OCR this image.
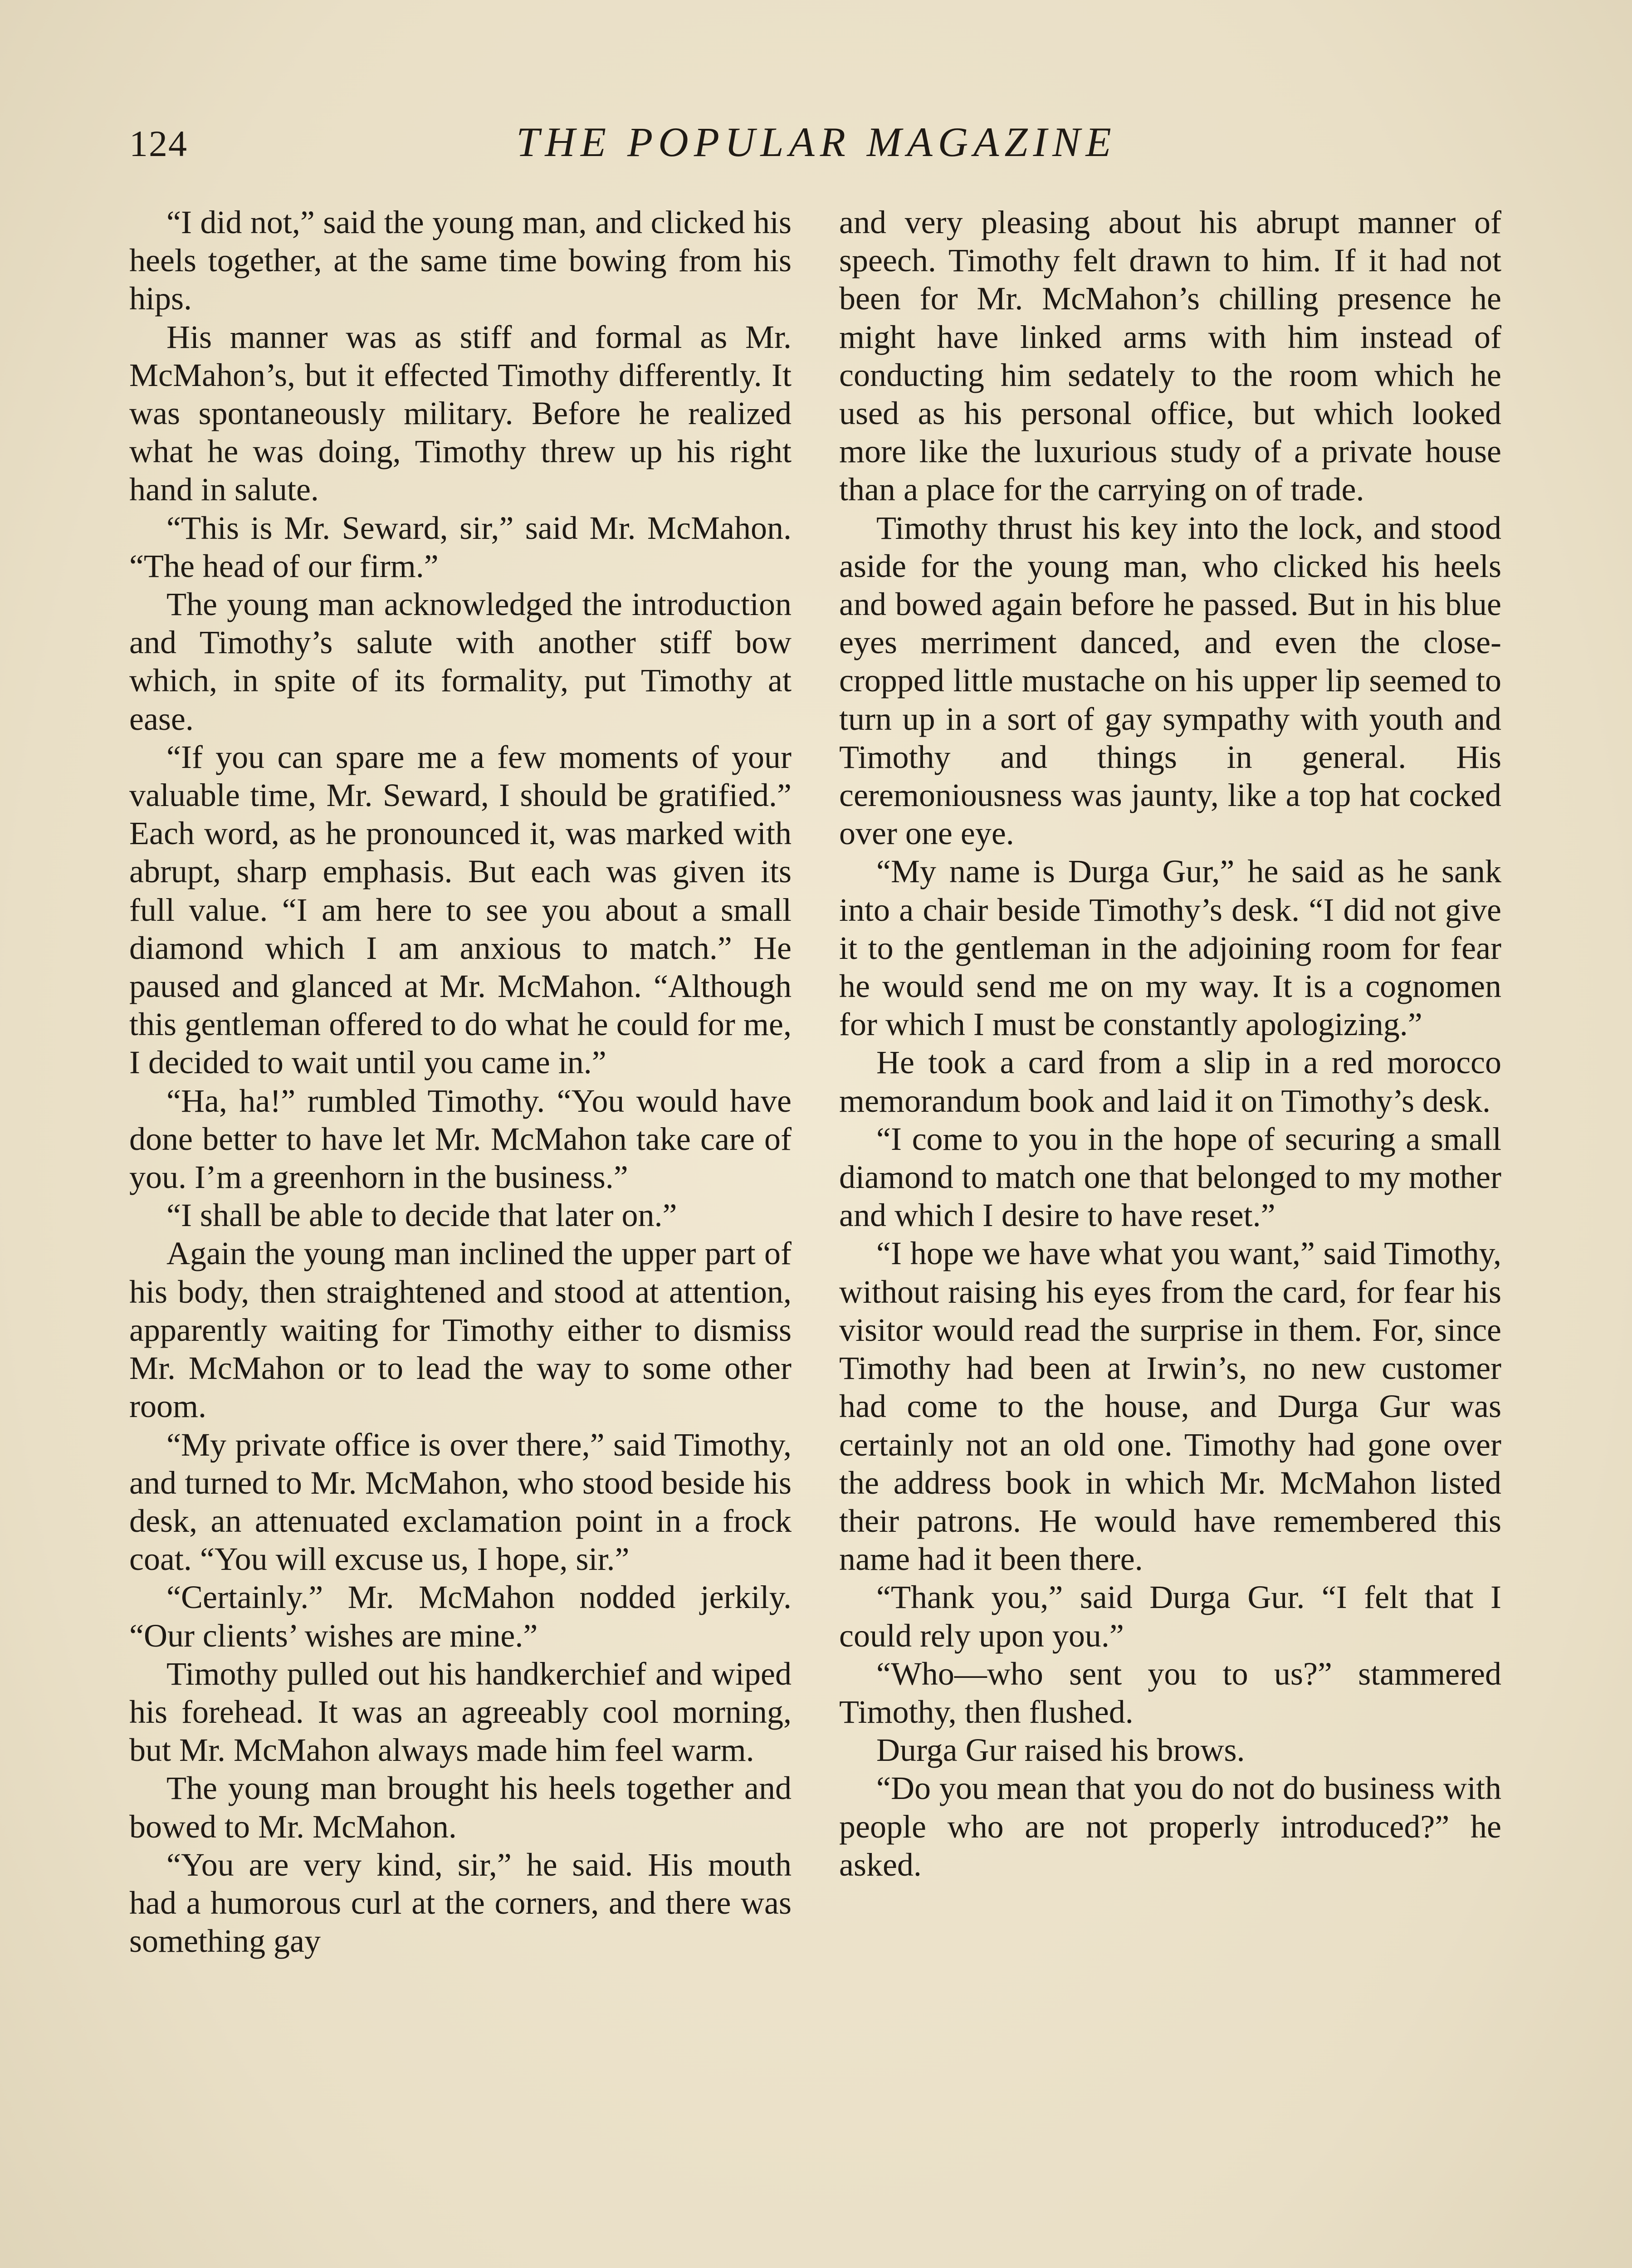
124	THE POPULAR MAGAZINE

“I did not,” said the young man, and clicked his heels together, at the same time bowing from his hips.

His manner was as stiff and formal as Mr. McMahon’s, but it effected Timothy differently. It was spontaneously military. Before he realized what he was doing, Timothy threw up his right hand in salute.

“This is Mr. Seward, sir,” said Mr. McMahon. “The head of our firm.”

The young man acknowledged the introduction and Timothy’s salute with another stiff bow which, in spite of its formality, put Timothy at ease.

“If you can spare me a few moments of your valuable time, Mr. Seward, I should be gratified.” Each word, as he pronounced it, was marked with abrupt, sharp emphasis. But each was given its full value. “I am here to see you about a small diamond which I am anxious to match.” He paused and glanced at Mr. McMahon. “Although this gentleman offered to do what he could for me, I decided to wait until you came in.”

“Ha, ha!” rumbled Timothy. “You would have done better to have let Mr. McMahon take care of you. I’m a greenhorn in the business.”

“I shall be able to decide that later on.”

Again the young man inclined the upper part of his body, then straightened and stood at attention, apparently waiting for Timothy either to dismiss Mr. McMahon or to lead the way to some other room.

“My private office is over there,” said Timothy, and turned to Mr. McMahon, who stood beside his desk, an attenuated exclamation point in a frock coat. “You will excuse us, I hope, sir.”

“Certainly.” Mr. McMahon nodded jerkily. “Our clients’ wishes are mine.”

Timothy pulled out his handkerchief and wiped his forehead. It was an agreeably cool morning, but Mr. McMahon always made him feel warm.

The young man brought his heels together and bowed to Mr. McMahon.

“You are very kind, sir,” he said. His mouth had a humorous curl at the corners, and there was something gay

and very pleasing about his abrupt manner of speech. Timothy felt drawn to him. If it had not been for Mr. McMahon’s chilling presence he might have linked arms with him instead of conducting him sedately to the room which he used as his personal office, but which looked more like the luxurious study of a private house than a place for the carrying on of trade.

Timothy thrust his key into the lock, and stood aside for the young man, who clicked his heels and bowed again before he passed. But in his blue eyes merriment danced, and even the close-cropped little mustache on his upper lip seemed to turn up in a sort of gay sympathy with youth and Timothy and things in general. His ceremoniousness was jaunty, like a top hat cocked over one eye.

“My name is Durga Gur,” he said as he sank into a chair beside Timothy’s desk. “I did not give it to the gentleman in the adjoining room for fear he would send me on my way. It is a cognomen for which I must be constantly apologizing.”

He took a card from a slip in a red morocco memorandum book and laid it on Timothy’s desk.

“I come to you in the hope of securing a small diamond to match one that belonged to my mother and which I desire to have reset.”

“I hope we have what you want,” said Timothy, without raising his eyes from the card, for fear his visitor would read the surprise in them. For, since Timothy had been at Irwin’s, no new customer had come to the house, and Durga Gur was certainly not an old one. Timothy had gone over the address book in which Mr. McMahon listed their patrons. He would have remembered this name had it been there.

“Thank you,” said Durga Gur. “I felt that I could rely upon you.”

“Who—who sent you to us?” stammered Timothy, then flushed.

Durga Gur raised his brows.

“Do you mean that you do not do business with people who are not properly introduced?” he asked.
